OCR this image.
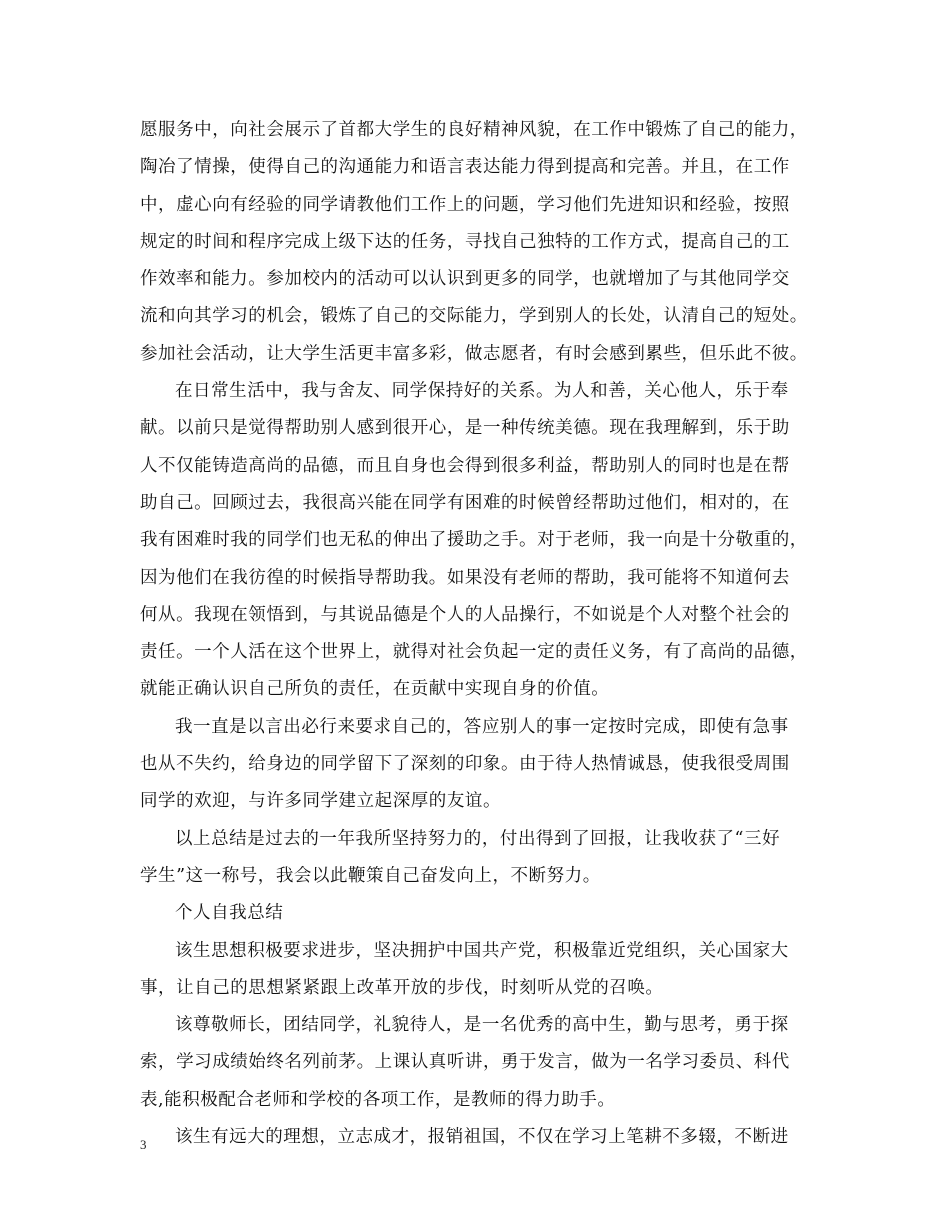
愿服务中，向社会展示了首都大学生的良好精神风貌，在工作中锻炼了自己的能力，
陶冶了情操，使得自己的沟通能力和语言表达能力得到提高和完善。并且，在工作
中，虚心向有经验的同学请教他们工作上的问题，学习他们先进知识和经验，按照
规定的时间和程序完成上级下达的任务，寻找自己独特的工作方式，提高自己的工
作效率和能力。参加校内的活动可以认识到更多的同学，也就增加了与其他同学交
流和向其学习的机会，锻炼了自己的交际能力，学到别人的长处，认清自己的短处。
参加社会活动，让大学生活更丰富多彩，做志愿者，有时会感到累些，但乐此不彼。
在日常生活中，我与舍友、同学保持好的关系。为人和善，关心他人，乐于奉
献。以前只是觉得帮助别人感到很开心，是一种传统美德。现在我理解到，乐于助
人不仅能铸造高尚的品德，而且自身也会得到很多利益，帮助别人的同时也是在帮
助自己。回顾过去，我很高兴能在同学有困难的时候曾经帮助过他们，相对的，在
我有困难时我的同学们也无私的伸出了援助之手。对于老师，我一向是十分敬重的，
因为他们在我彷徨的时候指导帮助我。如果没有老师的帮助，我可能将不知道何去
何从。我现在领悟到，与其说品德是个人的人品操行，不如说是个人对整个社会的
责任。一个人活在这个世界上，就得对社会负起一定的责任义务，有了高尚的品德，
就能正确认识自己所负的责任，在贡献中实现自身的价值。
我一直是以言出必行来要求自己的，答应别人的事一定按时完成，即使有急事
也从不失约，给身边的同学留下了深刻的印象。由于待人热情诚恳，使我很受周围
同学的欢迎，与许多同学建立起深厚的友谊。
以上总结是过去的一年我所坚持努力的，付出得到了回报，让我收获了“三好
学生”这一称号，我会以此鞭策自己奋发向上，不断努力。
个人自我总结
该生思想积极要求进步，坚决拥护中国共产党，积极靠近党组织，关心国家大
事，让自己的思想紧紧跟上改革开放的步伐，时刻听从党的召唤。
该尊敬师长，团结同学，礼貌待人，是一名优秀的高中生，勤与思考，勇于探
索，学习成绩始终名列前茅。上课认真听讲，勇于发言，做为一名学习委员、科代
表,能积极配合老师和学校的各项工作，是教师的得力助手。
该生有远大的理想，立志成才，报销祖国，不仅在学习上笔耕不多辍，不断进
3
